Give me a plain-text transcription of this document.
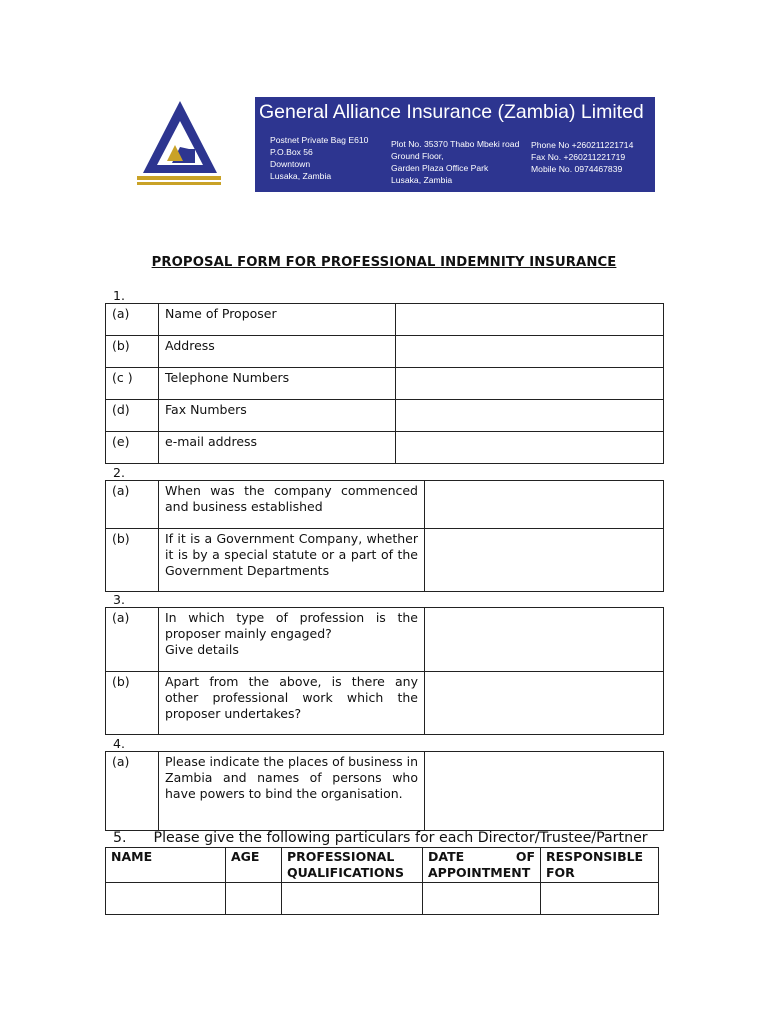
General Alliance Insurance (Zambia) Limited
Postnet Private Bag E610
P.O.Box 56
Downtown
Lusaka, Zambia
Plot No. 35370 Thabo Mbeki road
Ground Floor,
Garden Plaza Office Park
Lusaka, Zambia
Phone No +260211221714
Fax No. +260211221719
Mobile No. 0974467839
PROPOSAL FORM FOR PROFESSIONAL INDEMNITY INSURANCE
1.
(a)	Name of Proposer	
(b)	Address	
(c )	Telephone Numbers	
(d)	Fax Numbers	
(e)	e-mail address	
2.
(a)	When was the company commenced and business established	
(b)	If it is a Government Company, whether it is by a special statute or a part of the Government Departments	
3.
(a)	In which type of profession is the proposer mainly engaged?
Give details	

(b)	Apart from the above, is there any other professional work which the proposer undertakes?	
4.
(a)	Please indicate the places of business in Zambia and names of persons who have powers to bind the organisation.	
5. Please give the following particulars for each Director/Trustee/Partner
NAME	AGE	PROFESSIONAL QUALIFICATIONS	DATE OF APPOINTMENT	RESPONSIBLE FOR
